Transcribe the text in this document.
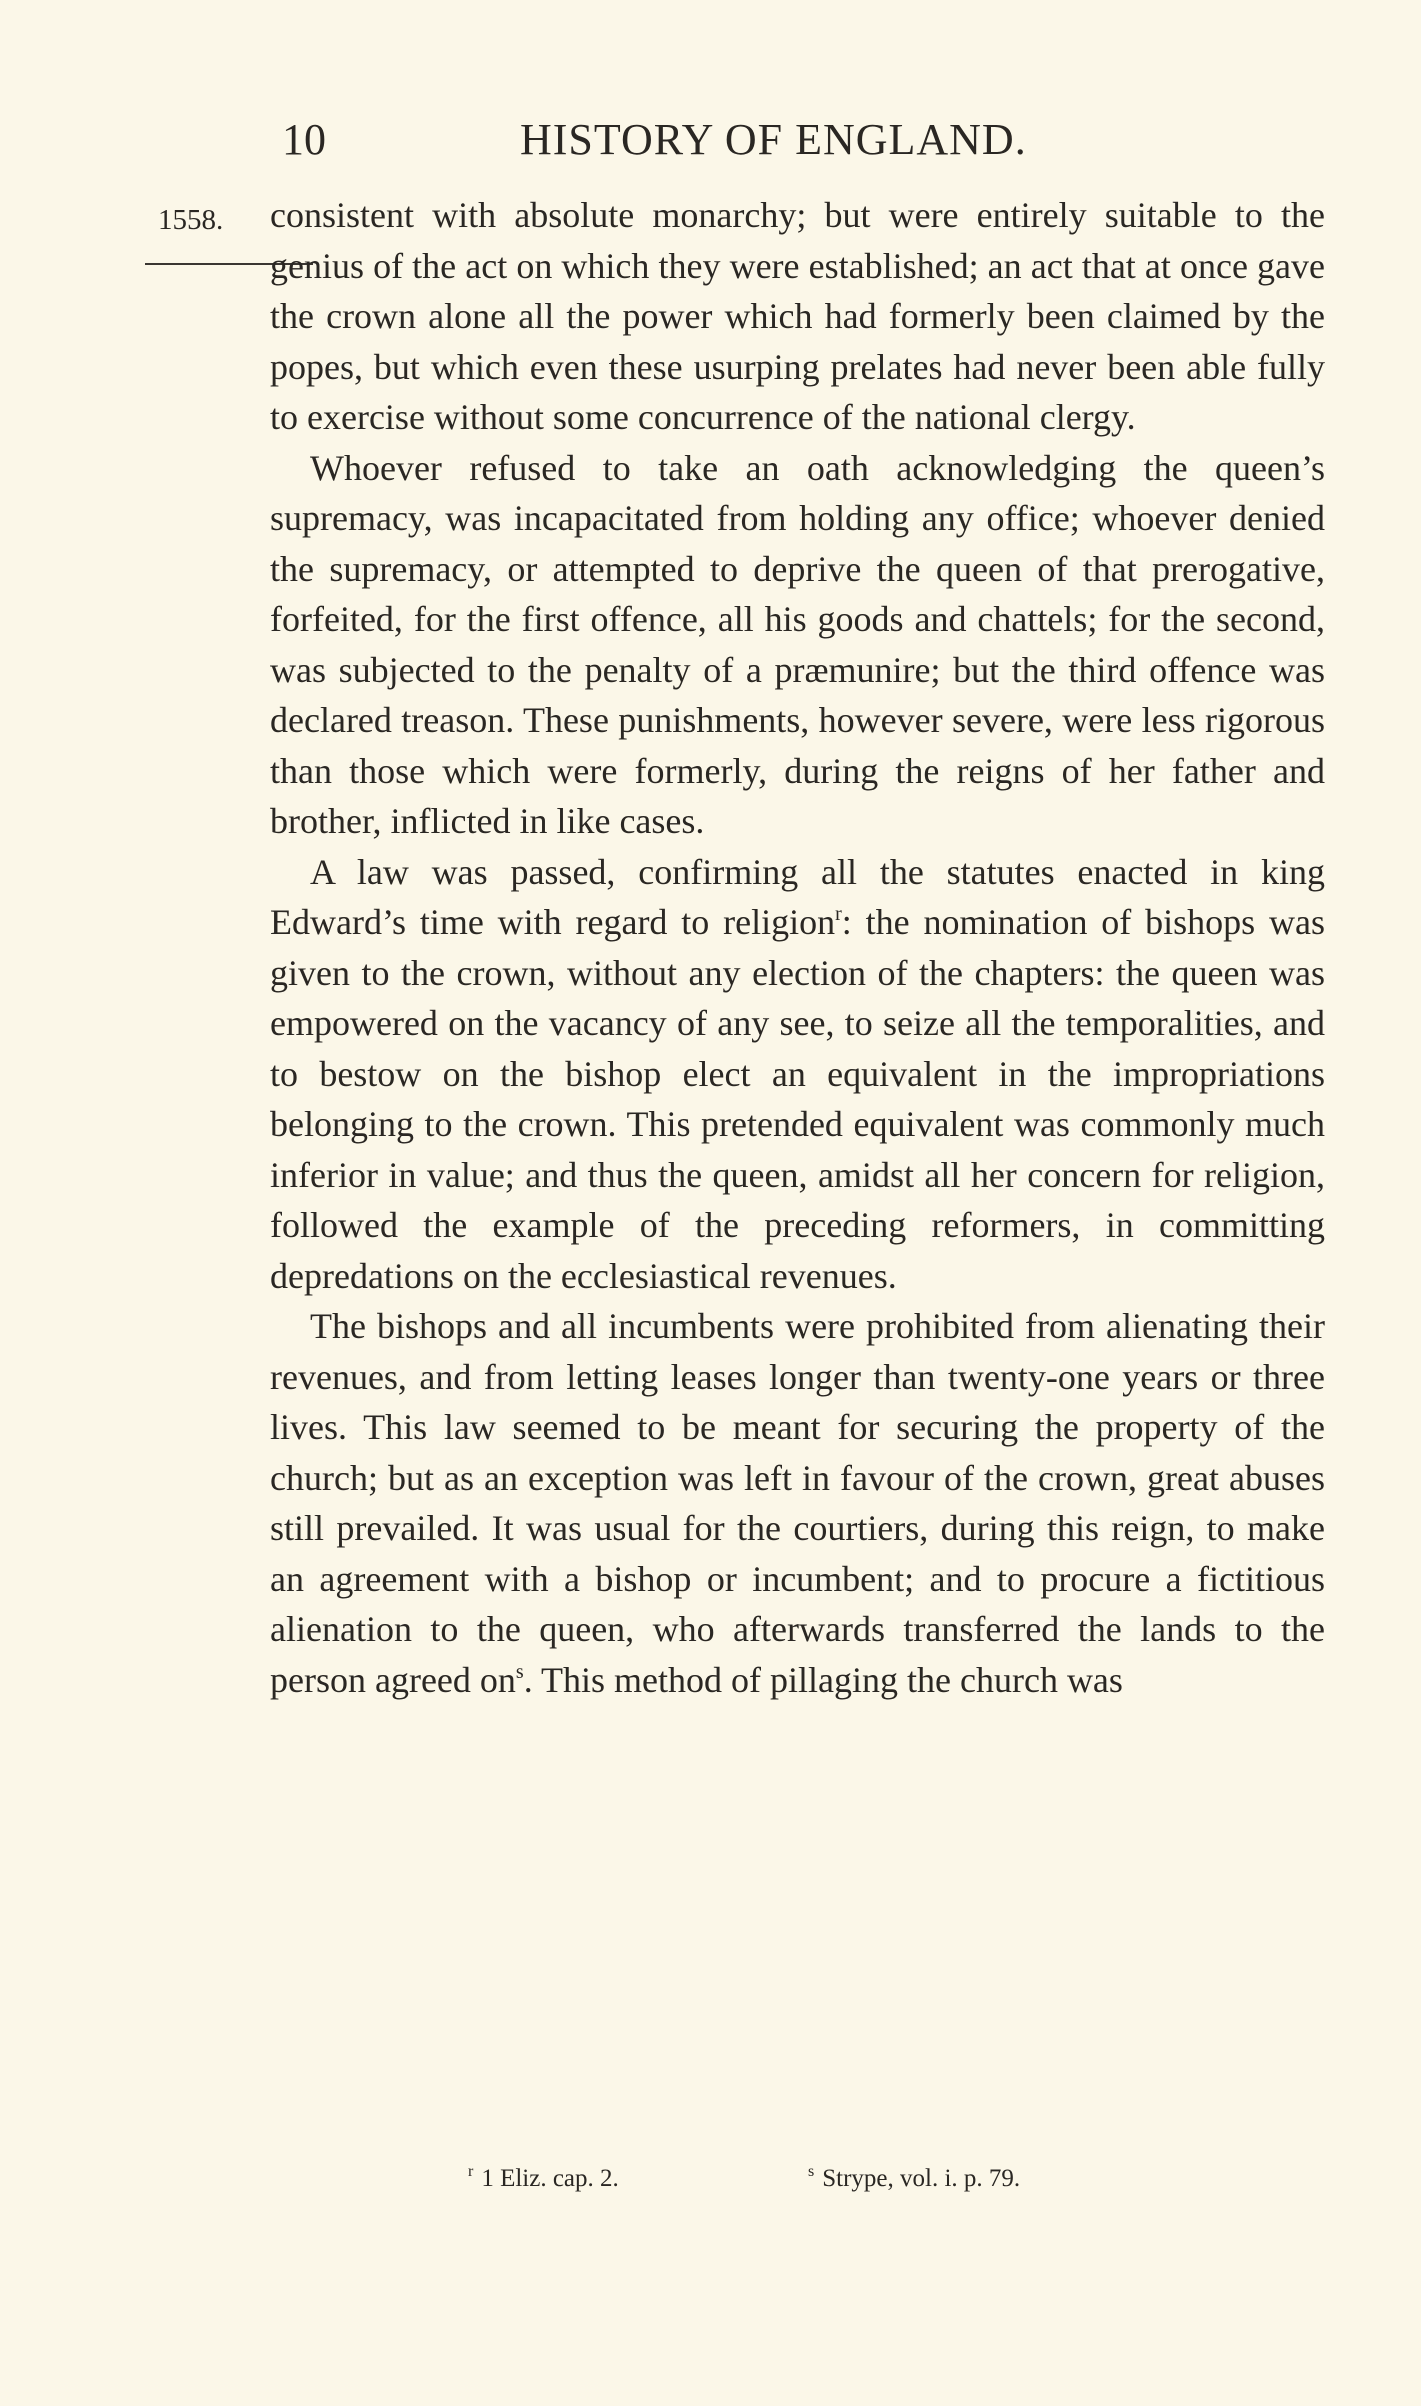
10	HISTORY OF ENGLAND.
1558. consistent with absolute monarchy; but were entirely suitable to the genius of the act on which they were established; an act that at once gave the crown alone all the power which had formerly been claimed by the popes, but which even these usurping prelates had never been able fully to exercise without some concurrence of the national clergy.

Whoever refused to take an oath acknowledging the queen’s supremacy, was incapacitated from holding any office; whoever denied the supremacy, or attempted to deprive the queen of that prerogative, forfeited, for the first offence, all his goods and chattels; for the second, was subjected to the penalty of a præmunire; but the third offence was declared treason. These punishments, however severe, were less rigorous than those which were formerly, during the reigns of her father and brother, inflicted in like cases.

A law was passed, confirming all the statutes enacted in king Edward’s time with regard to religion$^r$: the nomination of bishops was given to the crown, without any election of the chapters: the queen was empowered on the vacancy of any see, to seize all the temporalities, and to bestow on the bishop elect an equivalent in the impropriations belonging to the crown. This pretended equivalent was commonly much inferior in value; and thus the queen, amidst all her concern for religion, followed the example of the preceding reformers, in committing depredations on the ecclesiastical revenues.

The bishops and all incumbents were prohibited from alienating their revenues, and from letting leases longer than twenty-one years or three lives. This law seemed to be meant for securing the property of the church; but as an exception was left in favour of the crown, great abuses still prevailed. It was usual for the courtiers, during this reign, to make an agreement with a bishop or incumbent; and to procure a fictitious alienation to the queen, who afterwards transferred the lands to the person agreed $on^s$. This method of pillaging the church was

$^r$ 1 Eliz. cap. 2.	$^s$ Strype, vol. i. p. 79.
